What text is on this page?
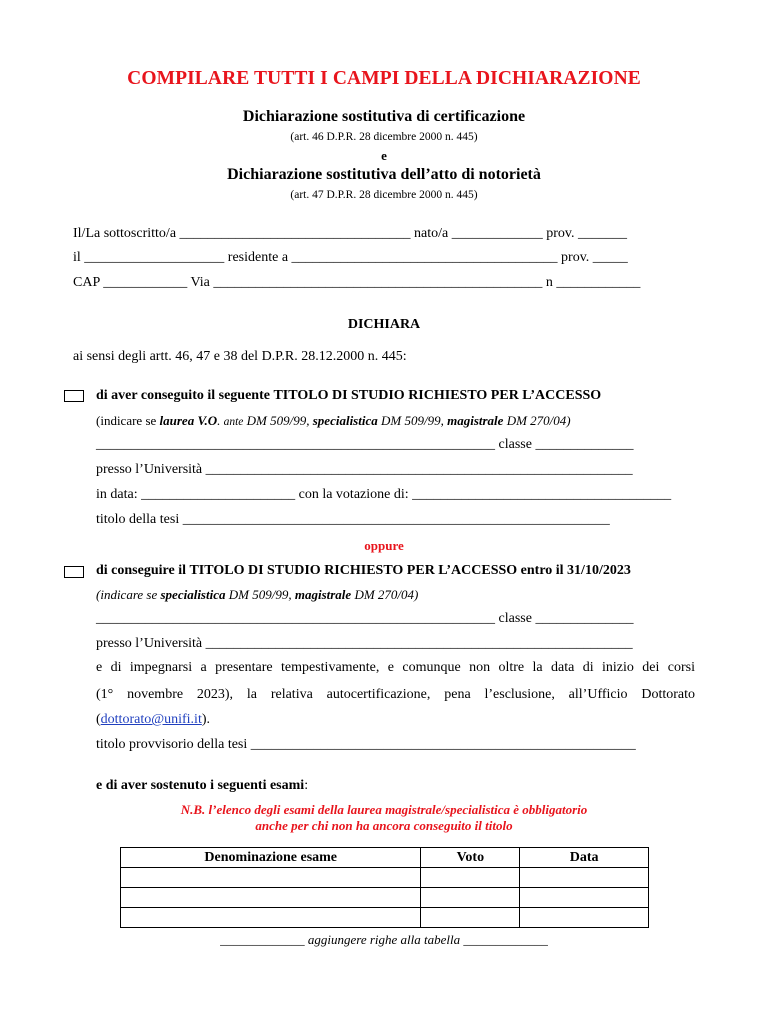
COMPILARE TUTTI I CAMPI DELLA DICHIARAZIONE
Dichiarazione sostitutiva di certificazione
(art. 46 D.P.R. 28 dicembre 2000 n. 445)
e
Dichiarazione sostitutiva dell’atto di notorietà
(art. 47 D.P.R. 28 dicembre 2000 n. 445)
Il/La sottoscritto/a _________________________________ nato/a _____________ prov. _______
il ____________________ residente a ______________________________________ prov. _____
CAP ____________ Via _______________________________________________ n ____________
DICHIARA
ai sensi degli artt. 46, 47 e 38 del D.P.R. 28.12.2000 n. 445:
di aver conseguito il seguente TITOLO DI STUDIO RICHIESTO PER L’ACCESSO
(indicare se laurea V.O. ante DM 509/99, specialistica DM 509/99, magistrale DM 270/04)
_________________________________________________________ classe ______________
presso l’Università _____________________________________________________________
in data: ______________________ con la votazione di: _____________________________________
titolo della tesi _____________________________________________________________
oppure
di conseguire il TITOLO DI STUDIO RICHIESTO PER L’ACCESSO entro il 31/10/2023
(indicare se specialistica DM 509/99, magistrale DM 270/04)
_________________________________________________________ classe ______________
presso l’Università _____________________________________________________________
e di impegnarsi a presentare tempestivamente, e comunque non oltre la data di inizio dei corsi
(1° novembre 2023), la relativa autocertificazione, pena l’esclusione, all’Ufficio Dottorato
(dottorato@unifi.it).
titolo provvisorio della tesi _______________________________________________________
e di aver sostenuto i seguenti esami:
N.B. l’elenco degli esami della laurea magistrale/specialistica è obbligatorio
anche per chi non ha ancora conseguito il titolo
Denominazione esame	Voto	Data

_____________ aggiungere righe alla tabella _____________
